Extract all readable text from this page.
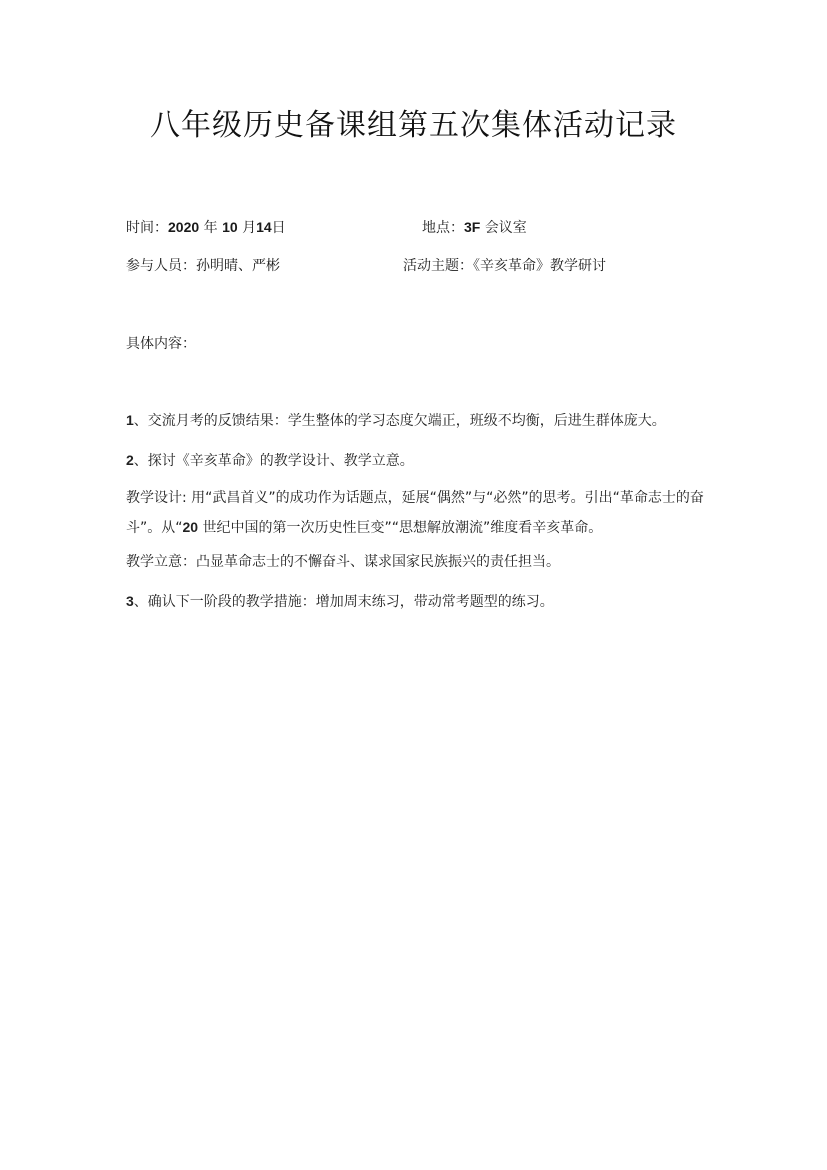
八年级历史备课组第五次集体活动记录
时间：2020 年 10 月14日	地点：3F 会议室
参与人员：孙明晴、严彬	活动主题：《辛亥革命》教学研讨
具体内容：

1、交流月考的反馈结果：学生整体的学习态度欠端正，班级不均衡，后进生群体庞大。

2、探讨《辛亥革命》的教学设计、教学立意。

教学设计: 用“武昌首义”的成功作为话题点，延展“偶然”与“必然”的思考。引出“革命志士的奋斗”。从“20 世纪中国的第一次历史性巨变”“思想解放潮流”维度看辛亥革命。

教学立意：凸显革命志士的不懈奋斗、谋求国家民族振兴的责任担当。

3、确认下一阶段的教学措施：增加周末练习，带动常考题型的练习。
